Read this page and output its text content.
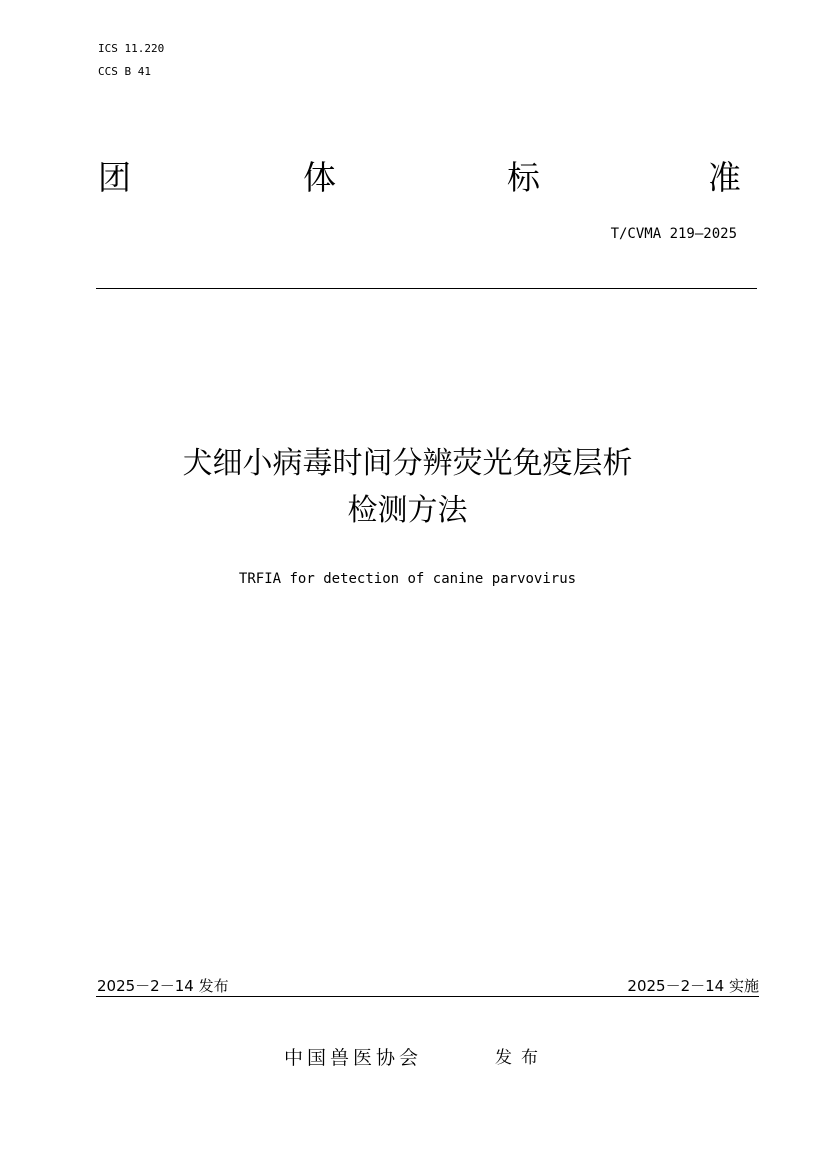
ICS 11.220
CCS B 41
团	体	标	准
T/CVMA 219—2025
犬细小病毒时间分辨荧光免疫层析
检测方法
TRFIA for detection of canine parvovirus
2025－2－14 发布	2025－2－14 实施
中国兽医协会	发布
